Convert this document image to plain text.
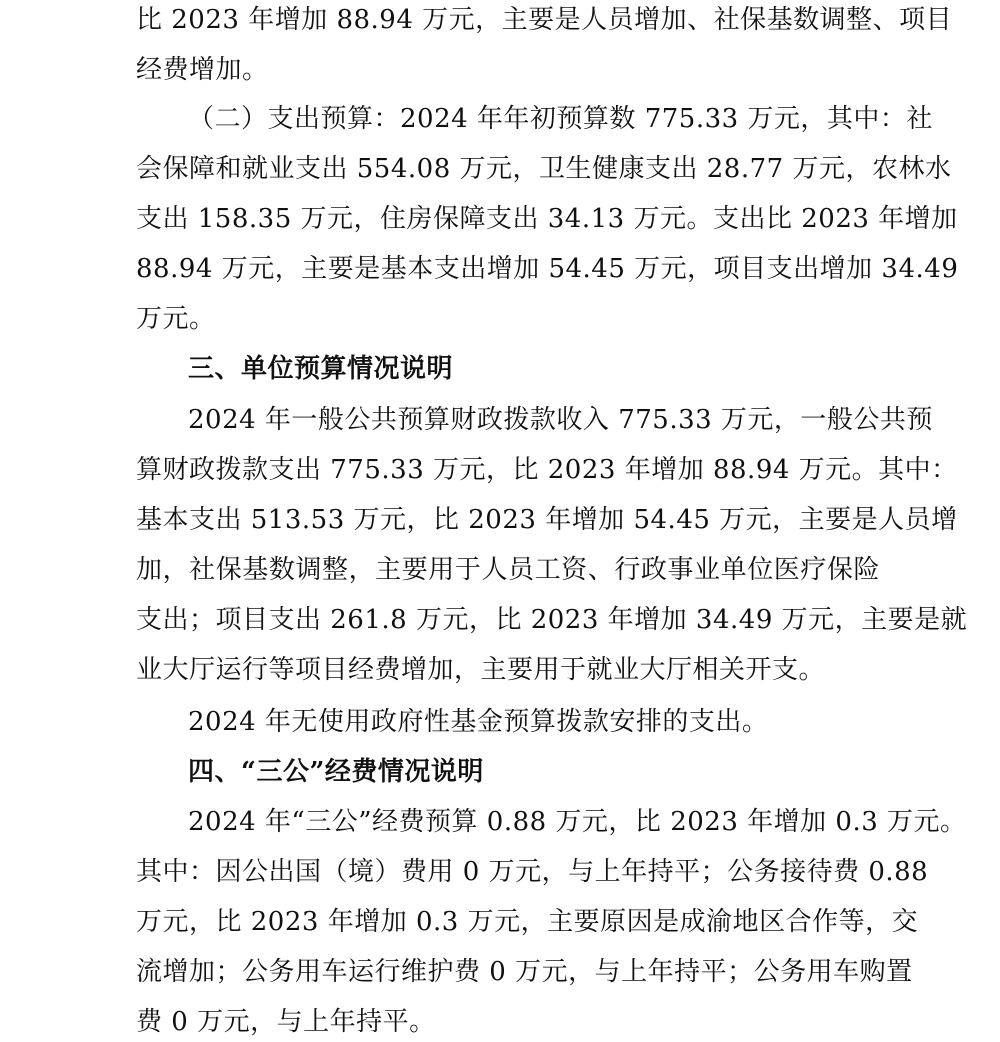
比 2023 年增加 88.94 万元，主要是人员增加、社保基数调整、项目
经费增加。
（二）支出预算：2024 年年初预算数 775.33 万元，其中：社
会保障和就业支出 554.08 万元，卫生健康支出 28.77 万元，农林水
支出 158.35 万元，住房保障支出 34.13 万元。支出比 2023 年增加
88.94 万元，主要是基本支出增加 54.45 万元，项目支出增加 34.49
万元。
三、单位预算情况说明
2024 年一般公共预算财政拨款收入 775.33 万元，一般公共预
算财政拨款支出 775.33 万元，比 2023 年增加 88.94 万元。其中：
基本支出 513.53 万元，比 2023 年增加 54.45 万元，主要是人员增
加，社保基数调整，主要用于人员工资、行政事业单位医疗保险
支出；项目支出 261.8 万元，比 2023 年增加 34.49 万元，主要是就
业大厅运行等项目经费增加，主要用于就业大厅相关开支。
2024 年无使用政府性基金预算拨款安排的支出。
四、“三公”经费情况说明
2024 年“三公”经费预算 0.88 万元，比 2023 年增加 0.3 万元。
其中：因公出国（境）费用 0 万元，与上年持平；公务接待费 0.88
万元，比 2023 年增加 0.3 万元，主要原因是成渝地区合作等，交
流增加；公务用车运行维护费 0 万元，与上年持平；公务用车购置
费 0 万元，与上年持平。
